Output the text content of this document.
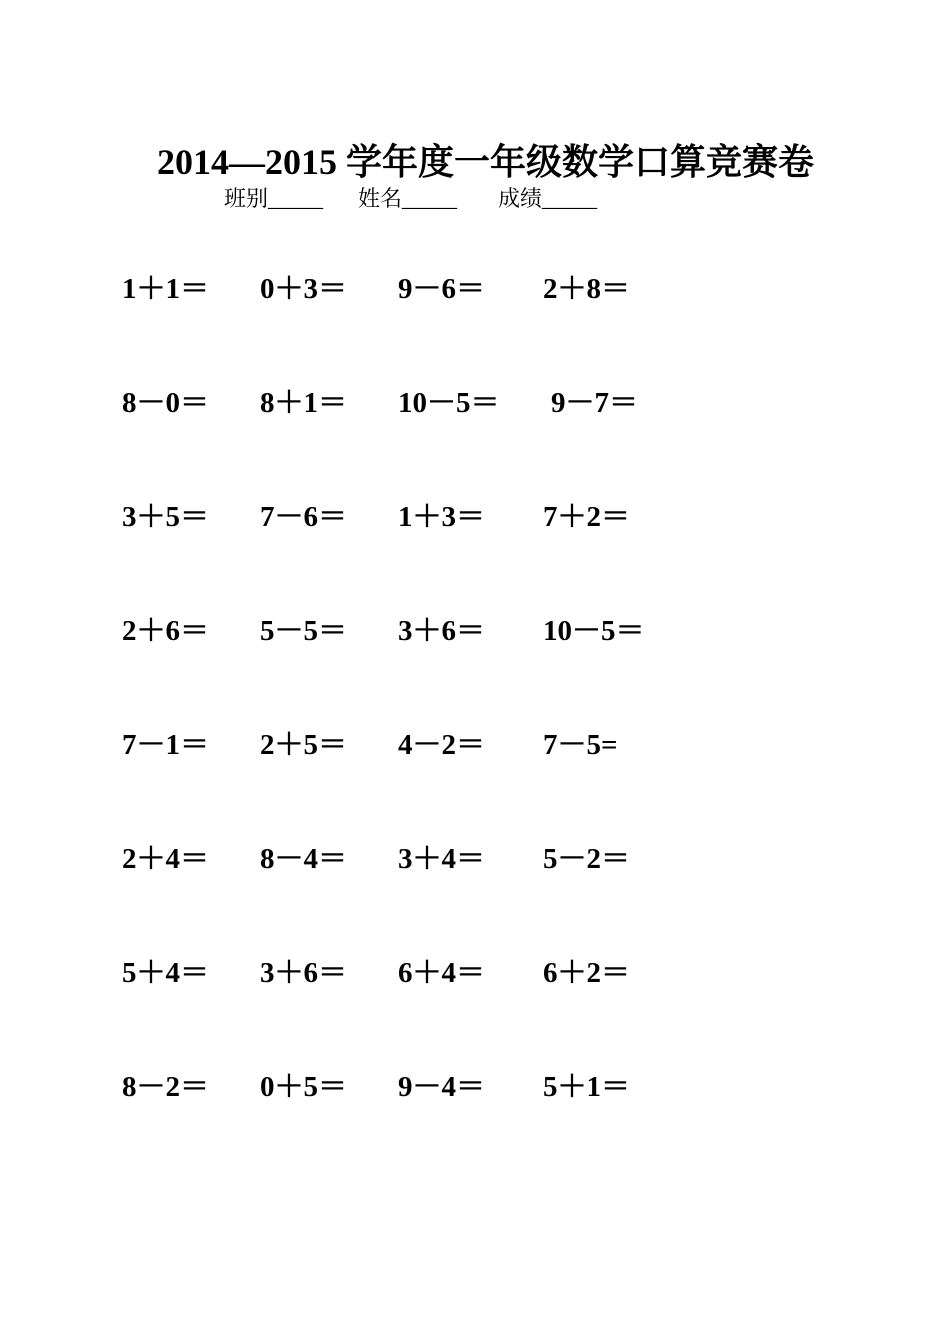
2014—2015 学年度一年级数学口算竞赛卷
班别_____ 姓名_____ 成绩_____
1＋1＝ 0＋3＝ 9－6＝ 2＋8＝
8－0＝ 8＋1＝ 10－5＝ 9－7＝
3＋5＝ 7－6＝ 1＋3＝ 7＋2＝
2＋6＝ 5－5＝ 3＋6＝ 10－5＝
7－1＝ 2＋5＝ 4－2＝ 7－5=
2＋4＝ 8－4＝ 3＋4＝ 5－2＝
5＋4＝ 3＋6＝ 6＋4＝ 6＋2＝
8－2＝ 0＋5＝ 9－4＝ 5＋1＝
